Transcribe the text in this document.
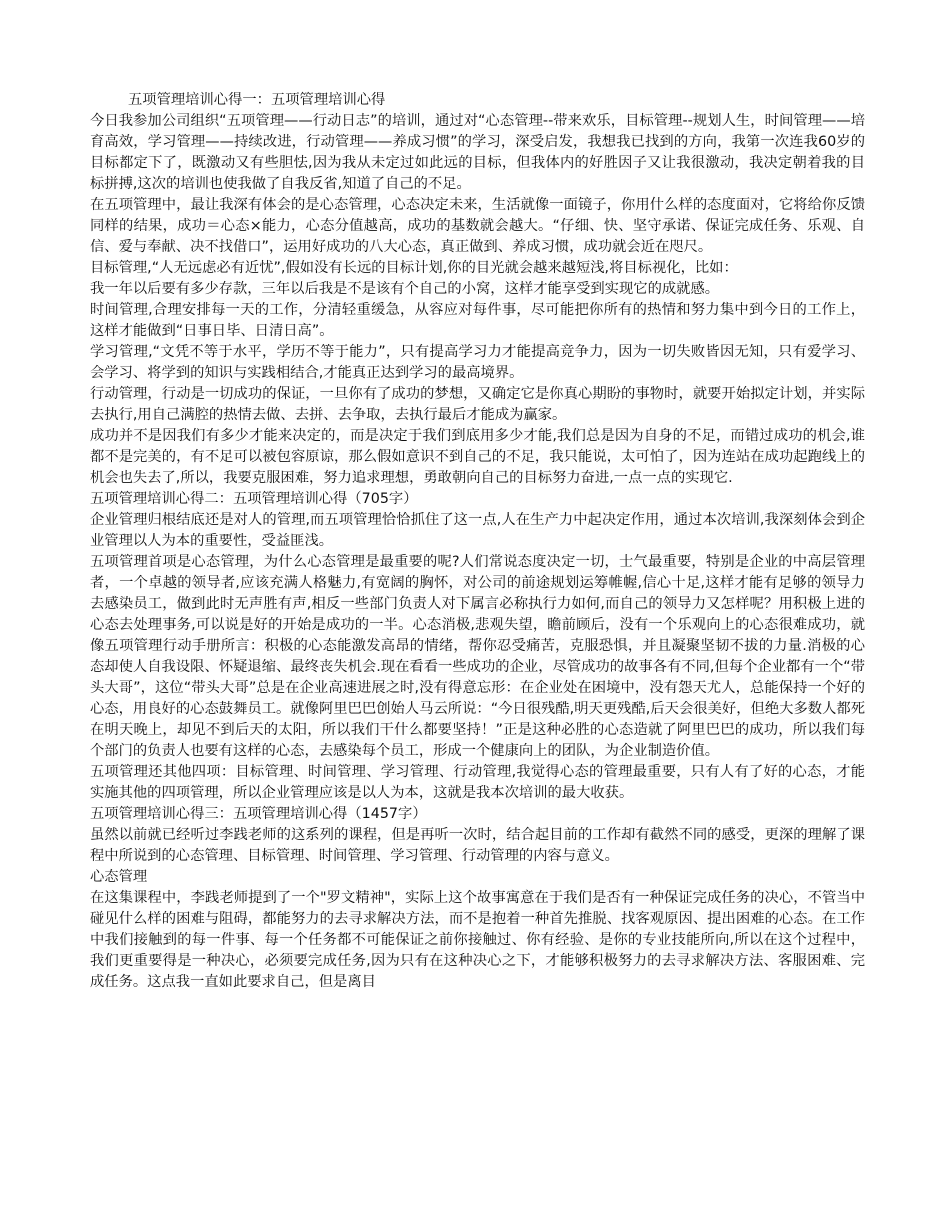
五项管理培训心得一：五项管理培训心得

今日我参加公司组织“五项管理——行动日志”的培训，通过对“心态管理--带来欢乐，目标管理--规划人生，时间管理——培育高效，学习管理——持续改进，行动管理——养成习惯”的学习，深受启发，我想我已找到的方向，我第一次连我60岁的目标都定下了，既激动又有些胆怯,因为我从未定过如此远的目标，但我体内的好胜因子又让我很激动，我决定朝着我的目标拼搏,这次的培训也使我做了自我反省,知道了自己的不足。

在五项管理中，最让我深有体会的是心态管理，心态决定未来，生活就像一面镜子，你用什么样的态度面对，它将给你反馈同样的结果，成功＝心态×能力，心态分值越高，成功的基数就会越大。“仔细、快、坚守承诺、保证完成任务、乐观、自信、爱与奉献、决不找借口”，运用好成功的八大心态，真正做到、养成习惯，成功就会近在咫尺。

目标管理,“人无远虑必有近忧”,假如没有长远的目标计划,你的目光就会越来越短浅,将目标视化，比如：

我一年以后要有多少存款，三年以后我是不是该有个自己的小窝，这样才能享受到实现它的成就感。

时间管理,合理安排每一天的工作，分清轻重缓急，从容应对每件事，尽可能把你所有的热情和努力集中到今日的工作上，这样才能做到“日事日毕、日清日高”。

学习管理,“文凭不等于水平，学历不等于能力”，只有提高学习力才能提高竞争力，因为一切失败皆因无知，只有爱学习、会学习、将学到的知识与实践相结合,才能真正达到学习的最高境界。

行动管理，行动是一切成功的保证，一旦你有了成功的梦想，又确定它是你真心期盼的事物时，就要开始拟定计划，并实际去执行,用自己满腔的热情去做、去拼、去争取，去执行最后才能成为赢家。

成功并不是因我们有多少才能来决定的，而是决定于我们到底用多少才能,我们总是因为自身的不足，而错过成功的机会,谁都不是完美的，有不足可以被包容原谅，那么假如意识不到自己的不足，我只能说，太可怕了，因为连站在成功起跑线上的机会也失去了,所以，我要克服困难，努力追求理想，勇敢朝向自己的目标努力奋进,一点一点的实现它.

五项管理培训心得二：五项管理培训心得（705字）

企业管理归根结底还是对人的管理,而五项管理恰恰抓住了这一点,人在生产力中起决定作用，通过本次培训,我深刻体会到企业管理以人为本的重要性，受益匪浅。

五项管理首项是心态管理，为什么心态管理是最重要的呢?人们常说态度决定一切，士气最重要，特别是企业的中高层管理者，一个卓越的领导者,应该充满人格魅力,有宽阔的胸怀，对公司的前途规划运筹帷幄,信心十足,这样才能有足够的领导力去感染员工，做到此时无声胜有声,相反一些部门负责人对下属言必称执行力如何,而自己的领导力又怎样呢？用积极上进的心态去处理事务,可以说是好的开始是成功的一半。心态消极,悲观失望，瞻前顾后，没有一个乐观向上的心态很难成功，就像五项管理行动手册所言：积极的心态能激发高昂的情绪，帮你忍受痛苦，克服恐惧，并且凝聚坚韧不拔的力量.消极的心态却使人自我设限、怀疑退缩、最终丧失机会.现在看看一些成功的企业，尽管成功的故事各有不同,但每个企业都有一个“带头大哥”，这位“带头大哥”总是在企业高速进展之时,没有得意忘形：在企业处在困境中，没有怨天尤人，总能保持一个好的心态，用良好的心态鼓舞员工。就像阿里巴巴创始人马云所说：“今日很残酷,明天更残酷,后天会很美好，但绝大多数人都死在明天晚上，却见不到后天的太阳，所以我们干什么都要坚持！”正是这种必胜的心态造就了阿里巴巴的成功，所以我们每个部门的负责人也要有这样的心态，去感染每个员工，形成一个健康向上的团队，为企业制造价值。

五项管理还其他四项：目标管理、时间管理、学习管理、行动管理,我觉得心态的管理最重要，只有人有了好的心态，才能实施其他的四项管理，所以企业管理应该是以人为本，这就是我本次培训的最大收获。

五项管理培训心得三：五项管理培训心得（1457字）

虽然以前就已经听过李践老师的这系列的课程，但是再听一次时，结合起目前的工作却有截然不同的感受，更深的理解了课程中所说到的心态管理、目标管理、时间管理、学习管理、行动管理的内容与意义。

心态管理

在这集课程中，李践老师提到了一个"罗文精神"，实际上这个故事寓意在于我们是否有一种保证完成任务的决心，不管当中碰见什么样的困难与阻碍，都能努力的去寻求解决方法，而不是抱着一种首先推脱、找客观原因、提出困难的心态。在工作中我们接触到的每一件事、每一个任务都不可能保证之前你接触过、你有经验、是你的专业技能所向,所以在这个过程中，我们更重要得是一种决心，必须要完成任务,因为只有在这种决心之下，才能够积极努力的去寻求解决方法、客服困难、完成任务。这点我一直如此要求自己，但是离目
